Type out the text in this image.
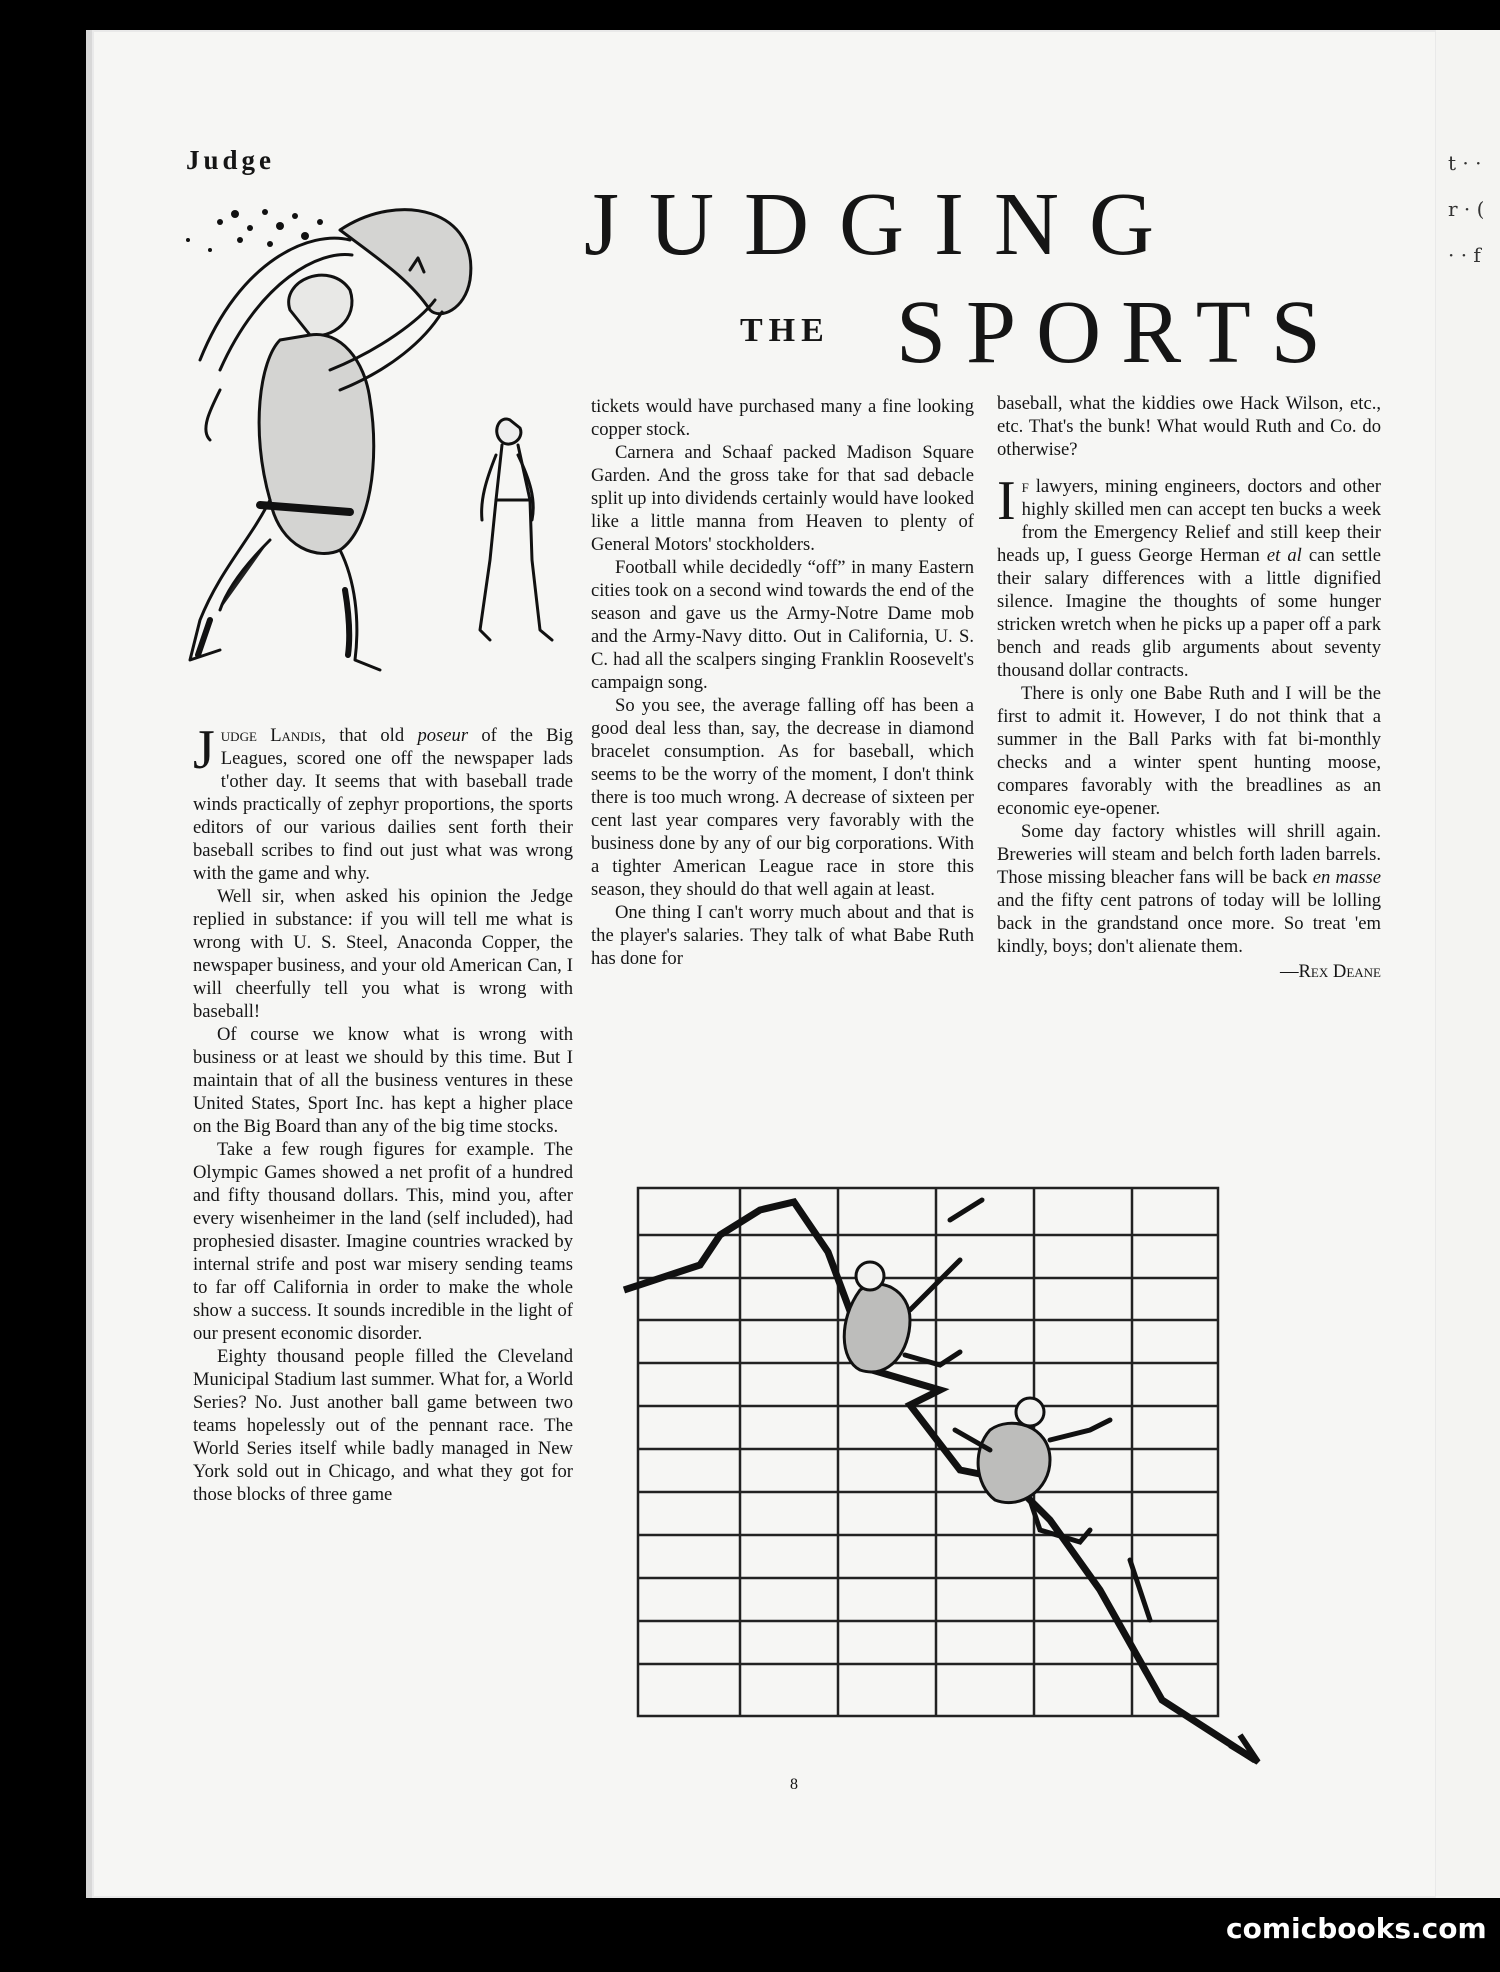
t · · r · ( · · f
Judge
JUDGING
THE SPORTS

Judge Landis, that old poseur of the Big Leagues, scored one off the newspaper lads t'other day. It seems that with baseball trade winds practically of zephyr proportions, the sports editors of our various dailies sent forth their baseball scribes to find out just what was wrong with the game and why.

Well sir, when asked his opinion the Jedge replied in substance: if you will tell me what is wrong with U. S. Steel, Anaconda Copper, the newspaper business, and your old American Can, I will cheerfully tell you what is wrong with baseball!

Of course we know what is wrong with business or at least we should by this time. But I maintain that of all the business ventures in these United States, Sport Inc. has kept a higher place on the Big Board than any of the big time stocks.

Take a few rough figures for example. The Olympic Games showed a net profit of a hundred and fifty thousand dollars. This, mind you, after every wisenheimer in the land (self included), had prophesied disaster. Imagine countries wracked by internal strife and post war misery sending teams to far off California in order to make the whole show a success. It sounds incredible in the light of our present economic disorder.

Eighty thousand people filled the Cleveland Municipal Stadium last summer. What for, a World Series? No. Just another ball game between two teams hopelessly out of the pennant race. The World Series itself while badly managed in New York sold out in Chicago, and what they got for those blocks of three game

tickets would have purchased many a fine looking copper stock.

Carnera and Schaaf packed Madison Square Garden. And the gross take for that sad debacle split up into dividends certainly would have looked like a little manna from Heaven to plenty of General Motors' stockholders.

Football while decidedly “off” in many Eastern cities took on a second wind towards the end of the season and gave us the Army-Notre Dame mob and the Army-Navy ditto. Out in California, U. S. C. had all the scalpers singing Franklin Roosevelt's campaign song.

So you see, the average falling off has been a good deal less than, say, the decrease in diamond bracelet consumption. As for baseball, which seems to be the worry of the moment, I don't think there is too much wrong. A decrease of sixteen per cent last year compares very favorably with the business done by any of our big corporations. With a tighter American League race in store this season, they should do that well again at least.

One thing I can't worry much about and that is the player's salaries. They talk of what Babe Ruth has done for

baseball, what the kiddies owe Hack Wilson, etc., etc. That's the bunk! What would Ruth and Co. do otherwise?

If lawyers, mining engineers, doctors and other highly skilled men can accept ten bucks a week from the Emergency Relief and still keep their heads up, I guess George Herman et al can settle their salary differences with a little dignified silence. Imagine the thoughts of some hunger stricken wretch when he picks up a paper off a park bench and reads glib arguments about seventy thousand dollar contracts.

There is only one Babe Ruth and I will be the first to admit it. However, I do not think that a summer in the Ball Parks with fat bi-monthly checks and a winter spent hunting moose, compares favorably with the breadlines as an economic eye-opener.

Some day factory whistles will shrill again. Breweries will steam and belch forth laden barrels. Those missing bleacher fans will be back en masse and the fifty cent patrons of today will be lolling back in the grandstand once more. So treat 'em kindly, boys; don't alienate them.

—Rex Deane
8
comicbooks.com
